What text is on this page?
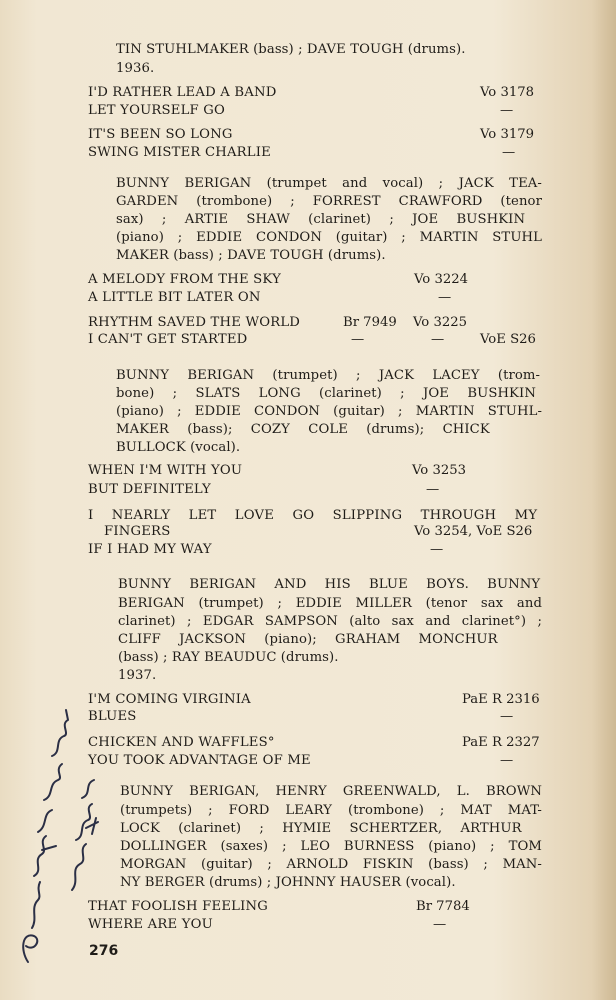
TIN STUHLMAKER (bass) ; DAVE TOUGH (drums).
1936.
I'D RATHER LEAD A BAND	Vo 3178
LET YOURSELF GO	—
IT'S BEEN SO LONG	Vo 3179
SWING MISTER CHARLIE	—
BUNNY BERIGAN (trumpet and vocal) ; JACK TEA-
GARDEN (trombone) ; FORREST CRAWFORD (tenor
sax) ; ARTIE SHAW (clarinet) ; JOE BUSHKIN
(piano) ; EDDIE CONDON (guitar) ; MARTIN STUHL
MAKER (bass) ; DAVE TOUGH (drums).
A MELODY FROM THE SKY	Vo 3224
A LITTLE BIT LATER ON	—
RHYTHM SAVED THE WORLD	Br 7949 Vo 3225
I CAN'T GET STARTED	—	—	VoE S26
BUNNY BERIGAN (trumpet) ; JACK LACEY (trom-
bone) ; SLATS LONG (clarinet) ; JOE BUSHKIN
(piano) ; EDDIE CONDON (guitar) ; MARTIN STUHL-
MAKER (bass); COZY COLE (drums); CHICK
BULLOCK (vocal).
WHEN I'M WITH YOU	Vo 3253
BUT DEFINITELY	—
I NEARLY LET LOVE GO SLIPPING THROUGH MY
FINGERS	Vo 3254, VoE S26
IF I HAD MY WAY	—
BUNNY BERIGAN AND HIS BLUE BOYS. BUNNY
BERIGAN (trumpet) ; EDDIE MILLER (tenor sax and
clarinet) ; EDGAR SAMPSON (alto sax and clarinet°) ;
CLIFF JACKSON (piano); GRAHAM MONCHUR
(bass) ; RAY BEAUDUC (drums).
1937.
I'M COMING VIRGINIA	PaE R 2316
BLUES	—
CHICKEN AND WAFFLES°	PaE R 2327
YOU TOOK ADVANTAGE OF ME	—
BUNNY BERIGAN, HENRY GREENWALD, L. BROWN
(trumpets) ; FORD LEARY (trombone) ; MAT MAT-
LOCK (clarinet) ; HYMIE SCHERTZER, ARTHUR
DOLLINGER (saxes) ; LEO BURNESS (piano) ; TOM
MORGAN (guitar) ; ARNOLD FISKIN (bass) ; MAN-
NY BERGER (drums) ; JOHNNY HAUSER (vocal).
THAT FOOLISH FEELING	Br 7784
WHERE ARE YOU	—
276
